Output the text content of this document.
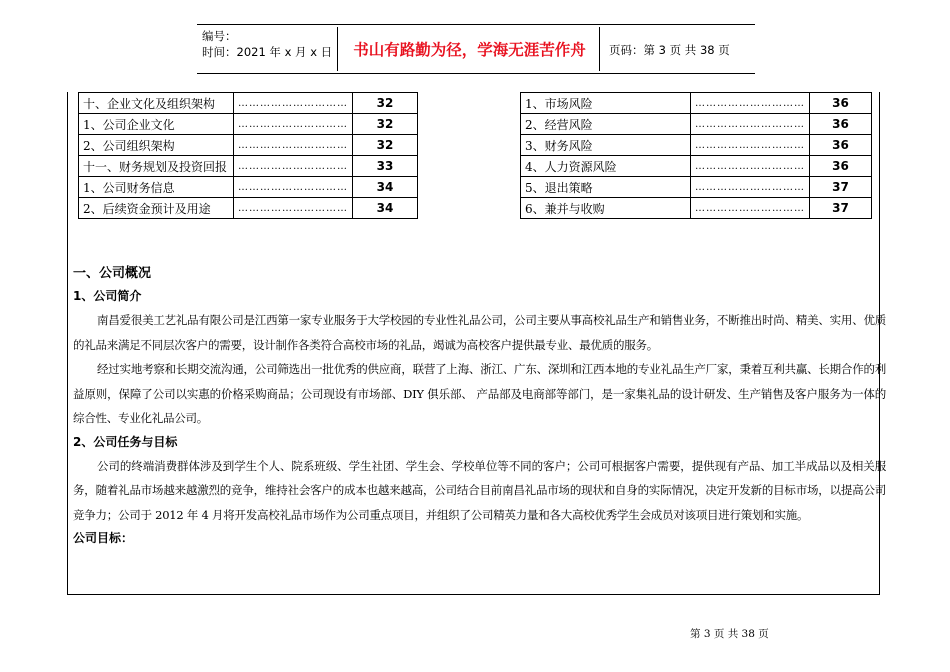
编号：
时间：2021 年 x 月 x 日	书山有路勤为径，学海无涯苦作舟	页码：第 3 页 共 38 页
十、企业文化及组织架构	…………………………	32
1、公司企业文化	…………………………	32
2、公司组织架构	…………………………	32
十一、财务规划及投资回报	…………………………	33
1、公司财务信息	…………………………	34
2、后续资金预计及用途	…………………………	34
1、市场风险	…………………………	36
2、经营风险	…………………………	36
3、财务风险	…………………………	36
4、人力资源风险	…………………………	36
5、退出策略	…………………………	37
6、兼并与收购	…………………………	37
一、公司概况
1、公司简介

南昌爱很美工艺礼品有限公司是江西第一家专业服务于大学校园的专业性礼品公司，公司主要从事高校礼品生产和销售业务，不断推出时尚、精美、实用、优质的礼品来满足不同层次客户的需要，设计制作各类符合高校市场的礼品，竭诚为高校客户提供最专业、最优质的服务。

经过实地考察和长期交流沟通，公司筛选出一批优秀的供应商，联营了上海、浙江、广东、深圳和江西本地的专业礼品生产厂家，秉着互利共赢、长期合作的利益原则，保障了公司以实惠的价格采购商品；公司现设有市场部、DIY 俱乐部、 产品部及电商部等部门，是一家集礼品的设计研发、生产销售及客户服务为一体的综合性、专业化礼品公司。

2、公司任务与目标

公司的终端消费群体涉及到学生个人、院系班级、学生社团、学生会、学校单位等不同的客户；公司可根据客户需要，提供现有产品、加工半成品以及相关服务，随着礼品市场越来越激烈的竞争，维持社会客户的成本也越来越高，公司结合目前南昌礼品市场的现状和自身的实际情况，决定开发新的目标市场，以提高公司竞争力；公司于 2012 年 4 月将开发高校礼品市场作为公司重点项目，并组织了公司精英力量和各大高校优秀学生会成员对该项目进行策划和实施。

公司目标：
第 3 页 共 38 页
